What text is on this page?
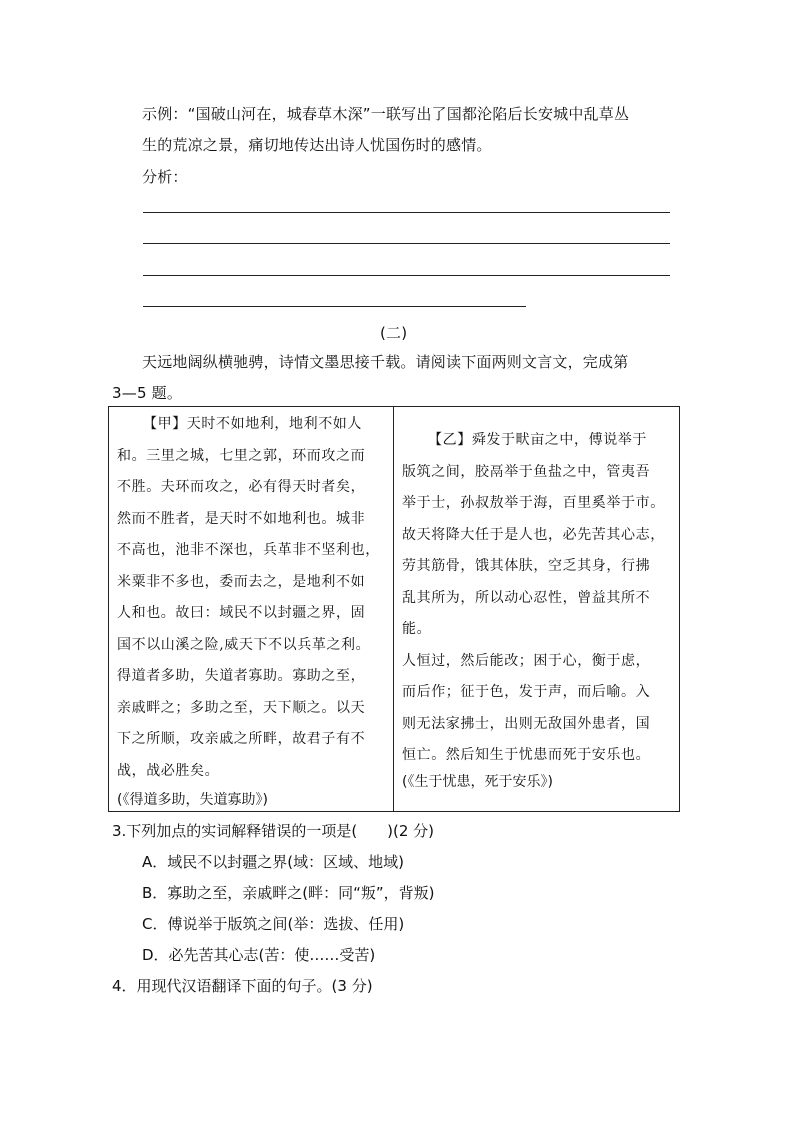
示例：“国破山河在，城春草木深”一联写出了国都沦陷后长安城中乱草丛
生的荒凉之景，痛切地传达出诗人忧国伤时的感情。
分析：
(二)
天远地阔纵横驰骋，诗情文墨思接千载。请阅读下面两则文言文，完成第
3—5 题。
【甲】天时不如地利，地利不如人
和。三里之城，七里之郭，环而攻之而
不胜。夫环而攻之，必有得天时者矣，
然而不胜者，是天时不如地利也。城非
不高也，池非不深也，兵革非不坚利也，
米粟非不多也，委而去之，是地利不如
人和也。故曰：域民不以封疆之界，固
国不以山溪之险,威天下不以兵革之利。
得道者多助，失道者寡助。寡助之至，
亲戚畔之；多助之至，天下顺之。以天
下之所顺，攻亲戚之所畔，故君子有不
战，战必胜矣。
(《得道多助，失道寡助》)
【乙】舜发于畎亩之中，傅说举于
版筑之间，胶鬲举于鱼盐之中，管夷吾
举于士，孙叔敖举于海，百里奚举于市。
故天将降大任于是人也，必先苦其心志，
劳其筋骨，饿其体肤，空乏其身，行拂
乱其所为，所以动心忍性，曾益其所不
能。
人恒过，然后能改；困于心，衡于虑，
而后作；征于色，发于声，而后喻。入
则无法家拂士，出则无敌国外患者，国
恒亡。然后知生于忧患而死于安乐也。
(《生于忧患，死于安乐》)
3.下列加点的实词解释错误的一项是(　　)(2 分)
A．域民不以封疆之界(域：区域、地域)
B．寡助之至，亲戚畔之(畔：同“叛”，背叛)
C．傅说举于版筑之间(举：选拔、任用)
D．必先苦其心志(苦：使……受苦)
4．用现代汉语翻译下面的句子。(3 分)
